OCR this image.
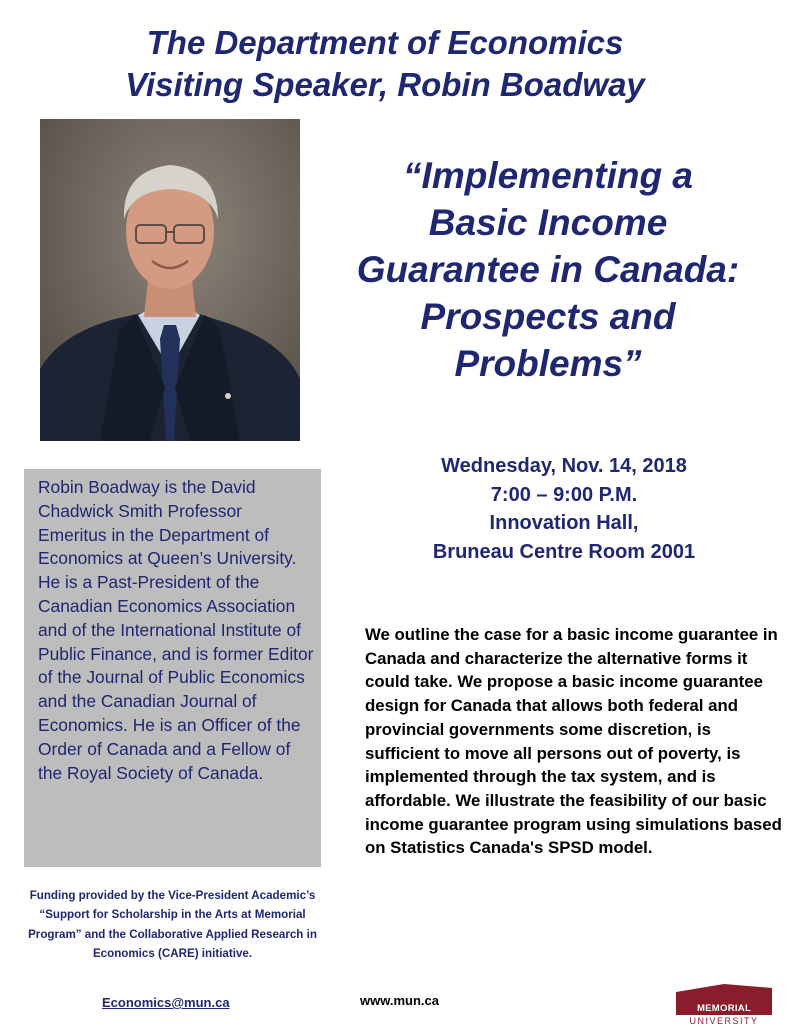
The Department of Economics
Visiting Speaker, Robin Boadway
“Implementing a
Basic Income
Guarantee in Canada:
Prospects and
Problems”
Wednesday, Nov. 14, 2018
7:00 – 9:00 P.M.
Innovation Hall,
Bruneau Centre Room 2001
Robin Boadway is the David Chadwick Smith Professor Emeritus in the Department of Economics at Queen’s University. He is a Past-President of the Canadian Economics Association and of the International Institute of Public Finance, and is former Editor of the Journal of Public Economics and the Canadian Journal of Economics. He is an Officer of the Order of Canada and a Fellow of the Royal Society of Canada.
We outline the case for a basic income guarantee in Canada and characterize the alternative forms it could take. We propose a basic income guarantee design for Canada that allows both federal and provincial governments some discretion, is sufficient to move all persons out of poverty, is implemented through the tax system, and is affordable. We illustrate the feasibility of our basic income guarantee program using simulations based on Statistics Canada's SPSD model.
Funding provided by the Vice-President Academic’s “Support for Scholarship in the Arts at Memorial Program” and the Collaborative Applied Research in Economics (CARE) initiative.
Economics@mun.ca	www.mun.ca
MEMORIAL
UNIVERSITY
